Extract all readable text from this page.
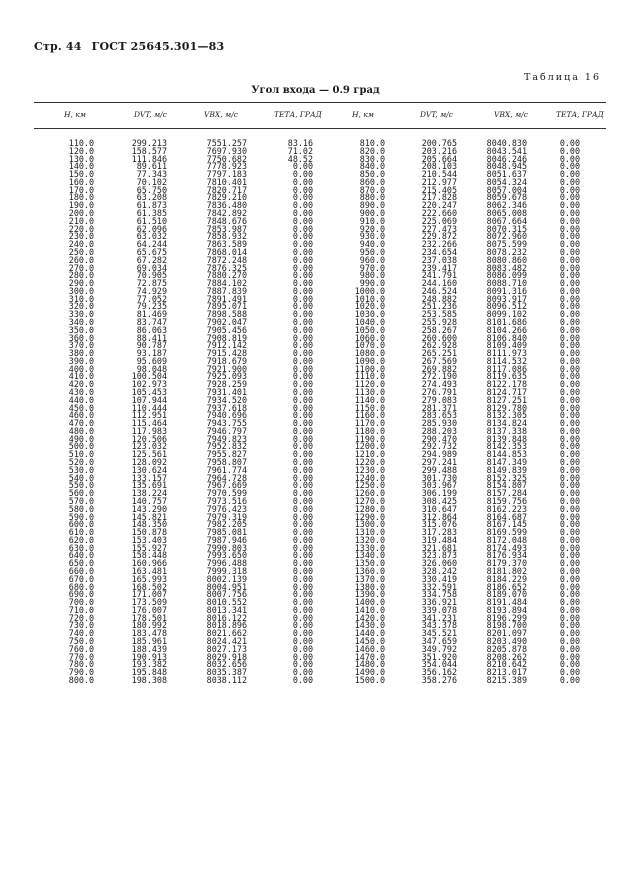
Стр. 44 ГОСТ 25645.301—83
Таблица 16
Угол входа — 0.9 град
H, км	DVT, м/с	VBX, м/с	ТЕТА, ГРАД	H, км	DVT, м/с	VBX, м/с	ТЕТА, ГРАД
110.0	299.213	7551.257	83.16	810.0	200.765	8040.830	0.00
120.0	158.577	7697.930	71.02	820.0	203.216	8043.541	0.00
130.0	111.846	7750.682	48.52	830.0	205.664	8046.246	0.00
140.0	89.611	7778.923	0.00	840.0	208.103	8048.945	0.00
150.0	77.343	7797.183	0.00	850.0	210.544	8051.637	0.00
160.0	70.102	7810.401	0.00	860.0	212.977	8054.324	0.00
170.0	65.750	7820.717	0.00	870.0	215.405	8057.004	0.00
180.0	63.208	7829.210	0.00	880.0	217.828	8059.678	0.00
190.0	61.873	7836.480	0.00	890.0	220.247	8062.346	0.00
200.0	61.385	7842.892	0.00	900.0	222.660	8065.008	0.00
210.0	61.510	7848.676	0.00	910.0	225.069	8067.664	0.00
220.0	62.096	7853.987	0.00	920.0	227.473	8070.315	0.00
230.0	63.032	7858.932	0.00	930.0	229.872	8072.960	0.00
240.0	64.244	7863.589	0.00	940.0	232.266	8075.599	0.00
250.0	65.675	7868.014	0.00	950.0	234.654	8078.232	0.00
260.0	67.282	7872.248	0.00	960.0	237.038	8080.860	0.00
270.0	69.034	7876.325	0.00	970.0	239.417	8083.482	0.00
280.0	70.905	7880.270	0.00	980.0	241.791	8086.099	0.00
290.0	72.875	7884.102	0.00	990.0	244.160	8088.710	0.00
300.0	74.929	7887.839	0.00	1000.0	246.524	8091.316	0.00
310.0	77.052	7891.491	0.00	1010.0	248.882	8093.917	0.00
320.0	79.235	7895.071	0.00	1020.0	251.236	8096.512	0.00
330.0	81.469	7898.588	0.00	1030.0	253.585	8099.102	0.00
340.0	83.747	7902.047	0.00	1040.0	255.928	8101.686	0.00
350.0	86.063	7905.456	0.00	1050.0	258.267	8104.266	0.00
360.0	88.411	7908.819	0.00	1060.0	260.600	8106.840	0.00
370.0	90.787	7912.142	0.00	1070.0	262.928	8109.409	0.00
380.0	93.187	7915.428	0.00	1080.0	265.251	8111.973	0.00
390.0	95.609	7918.679	0.00	1090.0	267.569	8114.532	0.00
400.0	98.048	7921.900	0.00	1100.0	269.882	8117.086	0.00
410.0	100.504	7925.093	0.00	1110.0	272.190	8119.635	0.00
420.0	102.973	7928.259	0.00	1120.0	274.493	8122.178	0.00
430.0	105.453	7931.401	0.00	1130.0	276.791	8124.717	0.00
440.0	107.944	7934.520	0.00	1140.0	279.083	8127.251	0.00
450.0	110.444	7937.618	0.00	1150.0	281.371	8129.780	0.00
460.0	112.951	7940.696	0.00	1160.0	283.653	8132.305	0.00
470.0	115.464	7943.755	0.00	1170.0	285.930	8134.824	0.00
480.0	117.983	7946.797	0.00	1180.0	288.203	8137.338	0.00
490.0	120.506	7949.823	0.00	1190.0	290.470	8139.848	0.00
500.0	123.032	7952.832	0.00	1200.0	292.732	8142.353	0.00
510.0	125.561	7955.827	0.00	1210.0	294.989	8144.853	0.00
520.0	128.092	7958.807	0.00	1220.0	297.241	8147.349	0.00
530.0	130.624	7961.774	0.00	1230.0	299.488	8149.839	0.00
540.0	133.157	7964.728	0.00	1240.0	301.730	8152.325	0.00
550.0	135.691	7967.669	0.00	1250.0	303.967	8154.807	0.00
560.0	138.224	7970.599	0.00	1260.0	306.199	8157.284	0.00
570.0	140.757	7973.516	0.00	1270.0	308.425	8159.756	0.00
580.0	143.290	7976.423	0.00	1280.0	310.647	8162.223	0.00
590.0	145.821	7979.319	0.00	1290.0	312.864	8164.687	0.00
600.0	148.350	7982.205	0.00	1300.0	315.076	8167.145	0.00
610.0	150.878	7985.081	0.00	1310.0	317.283	8169.599	0.00
620.0	153.403	7987.946	0.00	1320.0	319.484	8172.048	0.00
630.0	155.927	7990.803	0.00	1330.0	321.681	8174.493	0.00
640.0	158.448	7993.650	0.00	1340.0	323.873	8176.934	0.00
650.0	160.966	7996.488	0.00	1350.0	326.060	8179.370	0.00
660.0	163.481	7999.318	0.00	1360.0	328.242	8181.802	0.00
670.0	165.993	8002.139	0.00	1370.0	330.419	8184.229	0.00
680.0	168.502	8004.951	0.00	1380.0	332.591	8186.652	0.00
690.0	171.007	8007.756	0.00	1390.0	334.758	8189.070	0.00
700.0	173.509	8010.552	0.00	1400.0	336.921	8191.484	0.00
710.0	176.007	8013.341	0.00	1410.0	339.078	8193.894	0.00
720.0	178.501	8016.122	0.00	1420.0	341.231	8196.299	0.00
730.0	180.992	8018.896	0.00	1430.0	343.378	8198.700	0.00
740.0	183.478	8021.662	0.00	1440.0	345.521	8201.097	0.00
750.0	185.961	8024.421	0.00	1450.0	347.659	8203.490	0.00
760.0	188.439	8027.173	0.00	1460.0	349.792	8205.878	0.00
770.0	190.913	8029.918	0.00	1470.0	351.920	8208.262	0.00
780.0	193.382	8032.656	0.00	1480.0	354.044	8210.642	0.00
790.0	195.848	8035.387	0.00	1490.0	356.162	8213.017	0.00
800.0	198.308	8038.112	0.00	1500.0	358.276	8215.389	0.00
